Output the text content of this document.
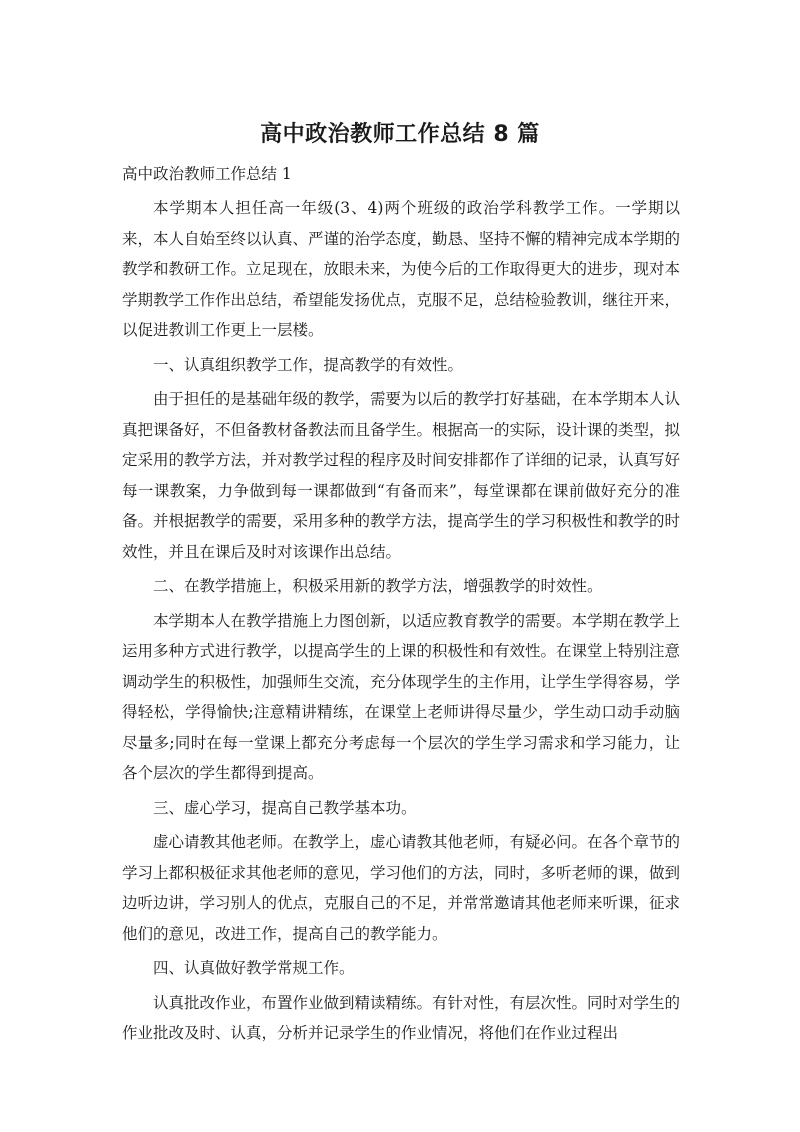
高中政治教师工作总结 8 篇
高中政治教师工作总结 1

本学期本人担任高一年级(3、4)两个班级的政治学科教学工作。一学期以来，本人自始至终以认真、严谨的治学态度，勤恳、坚持不懈的精神完成本学期的教学和教研工作。立足现在，放眼未来，为使今后的工作取得更大的进步，现对本学期教学工作作出总结，希望能发扬优点，克服不足，总结检验教训，继往开来，以促进教训工作更上一层楼。

一、认真组织教学工作，提高教学的有效性。

由于担任的是基础年级的教学，需要为以后的教学打好基础，在本学期本人认真把课备好，不但备教材备教法而且备学生。根据高一的实际，设计课的类型，拟定采用的教学方法，并对教学过程的程序及时间安排都作了详细的记录，认真写好每一课教案，力争做到每一课都做到“有备而来”，每堂课都在课前做好充分的准备。并根据教学的需要，采用多种的教学方法，提高学生的学习积极性和教学的时效性，并且在课后及时对该课作出总结。

二、在教学措施上，积极采用新的教学方法，增强教学的时效性。

本学期本人在教学措施上力图创新，以适应教育教学的需要。本学期在教学上运用多种方式进行教学，以提高学生的上课的积极性和有效性。在课堂上特别注意调动学生的积极性，加强师生交流，充分体现学生的主作用，让学生学得容易，学得轻松，学得愉快;注意精讲精练，在课堂上老师讲得尽量少，学生动口动手动脑尽量多;同时在每一堂课上都充分考虑每一个层次的学生学习需求和学习能力，让各个层次的学生都得到提高。

三、虚心学习，提高自己教学基本功。

虚心请教其他老师。在教学上，虚心请教其他老师，有疑必问。在各个章节的学习上都积极征求其他老师的意见，学习他们的方法，同时，多听老师的课，做到边听边讲，学习别人的优点，克服自己的不足，并常常邀请其他老师来听课，征求他们的意见，改进工作，提高自己的教学能力。

四、认真做好教学常规工作。

认真批改作业，布置作业做到精读精练。有针对性，有层次性。同时对学生的作业批改及时、认真，分析并记录学生的作业情况，将他们在作业过程出
